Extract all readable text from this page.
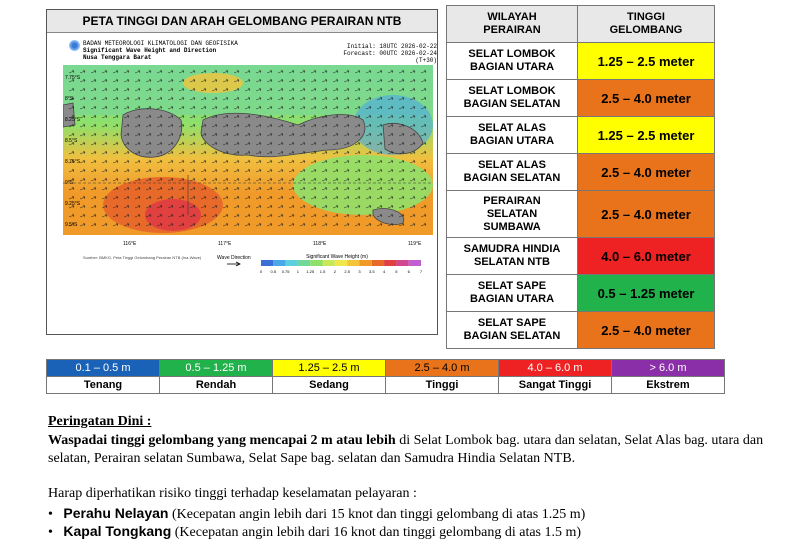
PETA TINGGI DAN ARAH GELOMBANG PERAIRAN NTB
BADAN METEOROLOGI KLIMATOLOGI DAN GEOFISIKA
Significant Wave Height and Direction
Nusa Tenggara Barat
Initial: 18UTC 2026-02-22
Forecast: 00UTC 2026-02-24 (T+30)
7.75°S
8°S
8.25°S
8.5°S
8.75°S
9°S
9.25°S
9.5°S
116°E	117°E	118°E	119°E
Sumber: BMKG, Peta Tinggi Gelombang Perairan NTB (Ina-Wave)	Wave Direction	Significant Wave Height (m)
0 0.5 0.75 1 1.25 1.5 2 2.5 3 3.5 4	5	6	7
WILAYAH
PERAIRAN	TINGGI
GELOMBANG
SELAT LOMBOK
BAGIAN UTARA	1.25 – 2.5 meter
SELAT LOMBOK
BAGIAN SELATAN	2.5 – 4.0 meter
SELAT ALAS
BAGIAN UTARA	1.25 – 2.5 meter
SELAT ALAS
BAGIAN SELATAN	2.5 – 4.0 meter
PERAIRAN
SELATAN
SUMBAWA	2.5 – 4.0 meter
SAMUDRA HINDIA
SELATAN NTB	4.0 – 6.0 meter
SELAT SAPE
BAGIAN UTARA	0.5 – 1.25 meter
SELAT SAPE
BAGIAN SELATAN	2.5 – 4.0 meter
0.1 – 0.5 m	0.5 – 1.25 m	1.25 – 2.5 m	2.5 – 4.0 m	4.0 – 6.0 m	> 6.0 m
Tenang	Rendah	Sedang	Tinggi	Sangat Tinggi	Ekstrem
Peringatan Dini :
Waspadai tinggi gelombang yang mencapai 2 m atau lebih di Selat Lombok bag. utara dan selatan, Selat Alas bag. utara dan selatan, Perairan selatan Sumbawa, Selat Sape bag. selatan dan Samudra Hindia Selatan NTB.
Harap diperhatikan risiko tinggi terhadap keselamatan pelayaran :
•   Perahu Nelayan (Kecepatan angin lebih dari 15 knot dan tinggi gelombang di atas 1.25 m)
•   Kapal Tongkang (Kecepatan angin lebih dari 16 knot dan tinggi gelombang di atas 1.5 m)
